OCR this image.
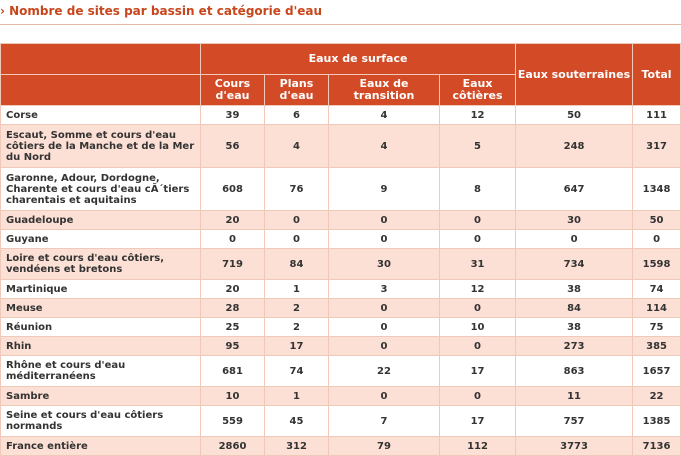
› Nombre de sites par bassin et catégorie d'eau
	Eaux de surface				Eaux souterraines	Total
	Cours d'eau	Plans d'eau	Eaux de transition	Eaux côtières		
Corse	39	6	4	12	50	111
Escaut, Somme et cours d'eau côtiers de la Manche et de la Mer du Nord	56	4	4	5	248	317
Garonne, Adour, Dordogne, Charente et cours d'eau cÃ´tiers charentais et aquitains	608	76	9	8	647	1348
Guadeloupe	20	0	0	0	30	50
Guyane	0	0	0	0	0	0
Loire et cours d'eau côtiers, vendéens et bretons	719	84	30	31	734	1598
Martinique	20	1	3	12	38	74
Meuse	28	2	0	0	84	114
Réunion	25	2	0	10	38	75
Rhin	95	17	0	0	273	385
Rhône et cours d'eau méditerranéens	681	74	22	17	863	1657
Sambre	10	1	0	0	11	22
Seine et cours d'eau côtiers normands	559	45	7	17	757	1385
France entière	2860	312	79	112	3773	7136
